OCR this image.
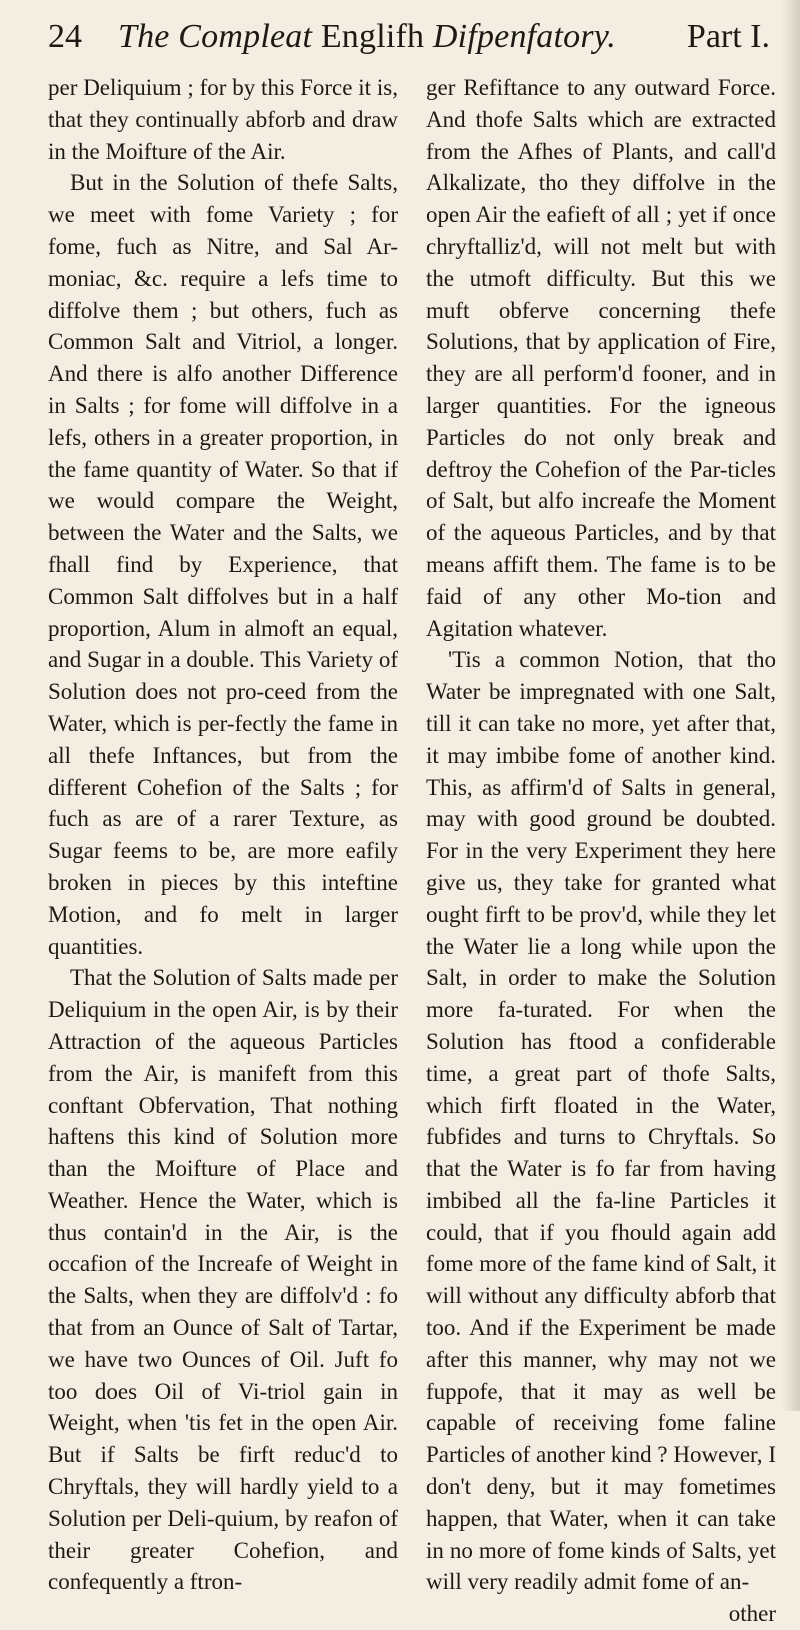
24	The Compleat Englifh Difpenfatory.	Part I.

per Deliquium ; for by this Force it is, that they continually abforb and draw in the Moifture of the Air.

But in the Solution of thefe Salts, we meet with fome Variety ; for fome, fuch as Nitre, and Sal Ar-moniac, &c. require a lefs time to diffolve them ; but others, fuch as Common Salt and Vitriol, a longer. And there is alfo another Difference in Salts ; for fome will diffolve in a lefs, others in a greater proportion, in the fame quantity of Water. So that if we would compare the Weight, between the Water and the Salts, we fhall find by Experience, that Common Salt diffolves but in a half proportion, Alum in almoft an equal, and Sugar in a double. This Variety of Solution does not pro-ceed from the Water, which is per-fectly the fame in all thefe Inftances, but from the different Cohefion of the Salts ; for fuch as are of a rarer Texture, as Sugar feems to be, are more eafily broken in pieces by this inteftine Motion, and fo melt in larger quantities.

That the Solution of Salts made per Deliquium in the open Air, is by their Attraction of the aqueous Particles from the Air, is manifeft from this conftant Obfervation, That nothing haftens this kind of Solution more than the Moifture of Place and Weather. Hence the Water, which is thus contain'd in the Air, is the occafion of the Increafe of Weight in the Salts, when they are diffolv'd : fo that from an Ounce of Salt of Tartar, we have two Ounces of Oil. Juft fo too does Oil of Vi-triol gain in Weight, when 'tis fet in the open Air. But if Salts be firft reduc'd to Chryftals, they will hardly yield to a Solution per Deli-quium, by reafon of their greater Cohefion, and confequently a ftron-

ger Refiftance to any outward Force. And thofe Salts which are extracted from the Afhes of Plants, and call'd Alkalizate, tho they diffolve in the open Air the eafieft of all ; yet if once chryftalliz'd, will not melt but with the utmoft difficulty. But this we muft obferve concerning thefe Solutions, that by application of Fire, they are all perform'd fooner, and in larger quantities. For the igneous Particles do not only break and deftroy the Cohefion of the Par-ticles of Salt, but alfo increafe the Moment of the aqueous Particles, and by that means affift them. The fame is to be faid of any other Mo-tion and Agitation whatever.

'Tis a common Notion, that tho Water be impregnated with one Salt, till it can take no more, yet after that, it may imbibe fome of another kind. This, as affirm'd of Salts in general, may with good ground be doubted. For in the very Experiment they here give us, they take for granted what ought firft to be prov'd, while they let the Water lie a long while upon the Salt, in order to make the Solution more fa-turated. For when the Solution has ftood a confiderable time, a great part of thofe Salts, which firft floated in the Water, fubfides and turns to Chryftals. So that the Water is fo far from having imbibed all the fa-line Particles it could, that if you fhould again add fome more of the fame kind of Salt, it will without any difficulty abforb that too. And if the Experiment be made after this manner, why may not we fuppofe, that it may as well be capable of receiving fome faline Particles of another kind ? However, I don't deny, but it may fometimes happen, that Water, when it can take in no more of fome kinds of Salts, yet will very readily admit fome of an-

other
